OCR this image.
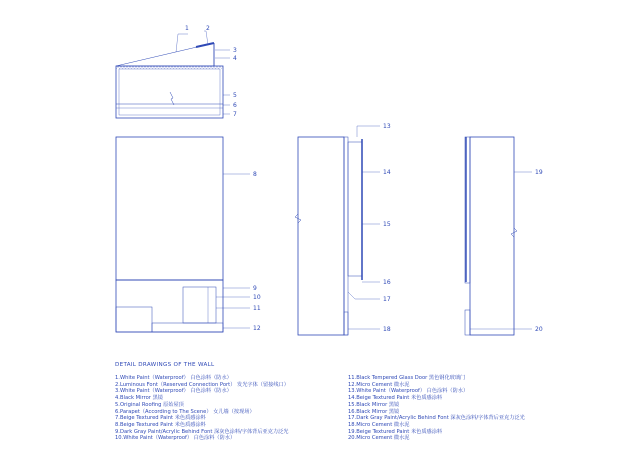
1	2
3
4
5
6
7
8
9
10
11
12
13
14
15
16
17
18
19
20
DETAIL DRAWINGS OF THE WALL
1.White Paint（Waterproof） 白色涂料（防水）
2.Luminous Font（Reserved Connection Port） 发光字体（留接线口）
3.White Paint（Waterproof） 白色涂料（防水）
4.Black Mirror 黑镜
5.Original Roofing 原始屋顶
6.Parapet（According to The Scene） 女儿墙（按现场）
7.Beige Textured Paint 米色质感涂料
8.Beige Textured Paint 米色质感涂料
9.Dark Gray Paint/Acrylic Behind Font 深灰色涂料/字体背后亚克力泛光
10.White Paint（Waterproof） 白色涂料（防水）
11.Black Tempered Glass Door 黑色钢化玻璃门
12.Micro Cement 微水泥
13.White Paint（Waterproof） 白色涂料（防水）
14.Beige Textured Paint 米色质感涂料
15.Black Mirror 黑镜
16.Black Mirror 黑镜
17.Dark Gray Paint/Acrylic Behind Font 深灰色涂料/字体背后亚克力泛光
18.Micro Cement 微水泥
19.Beige Textured Paint 米色质感涂料
20.Micro Cement 微水泥
